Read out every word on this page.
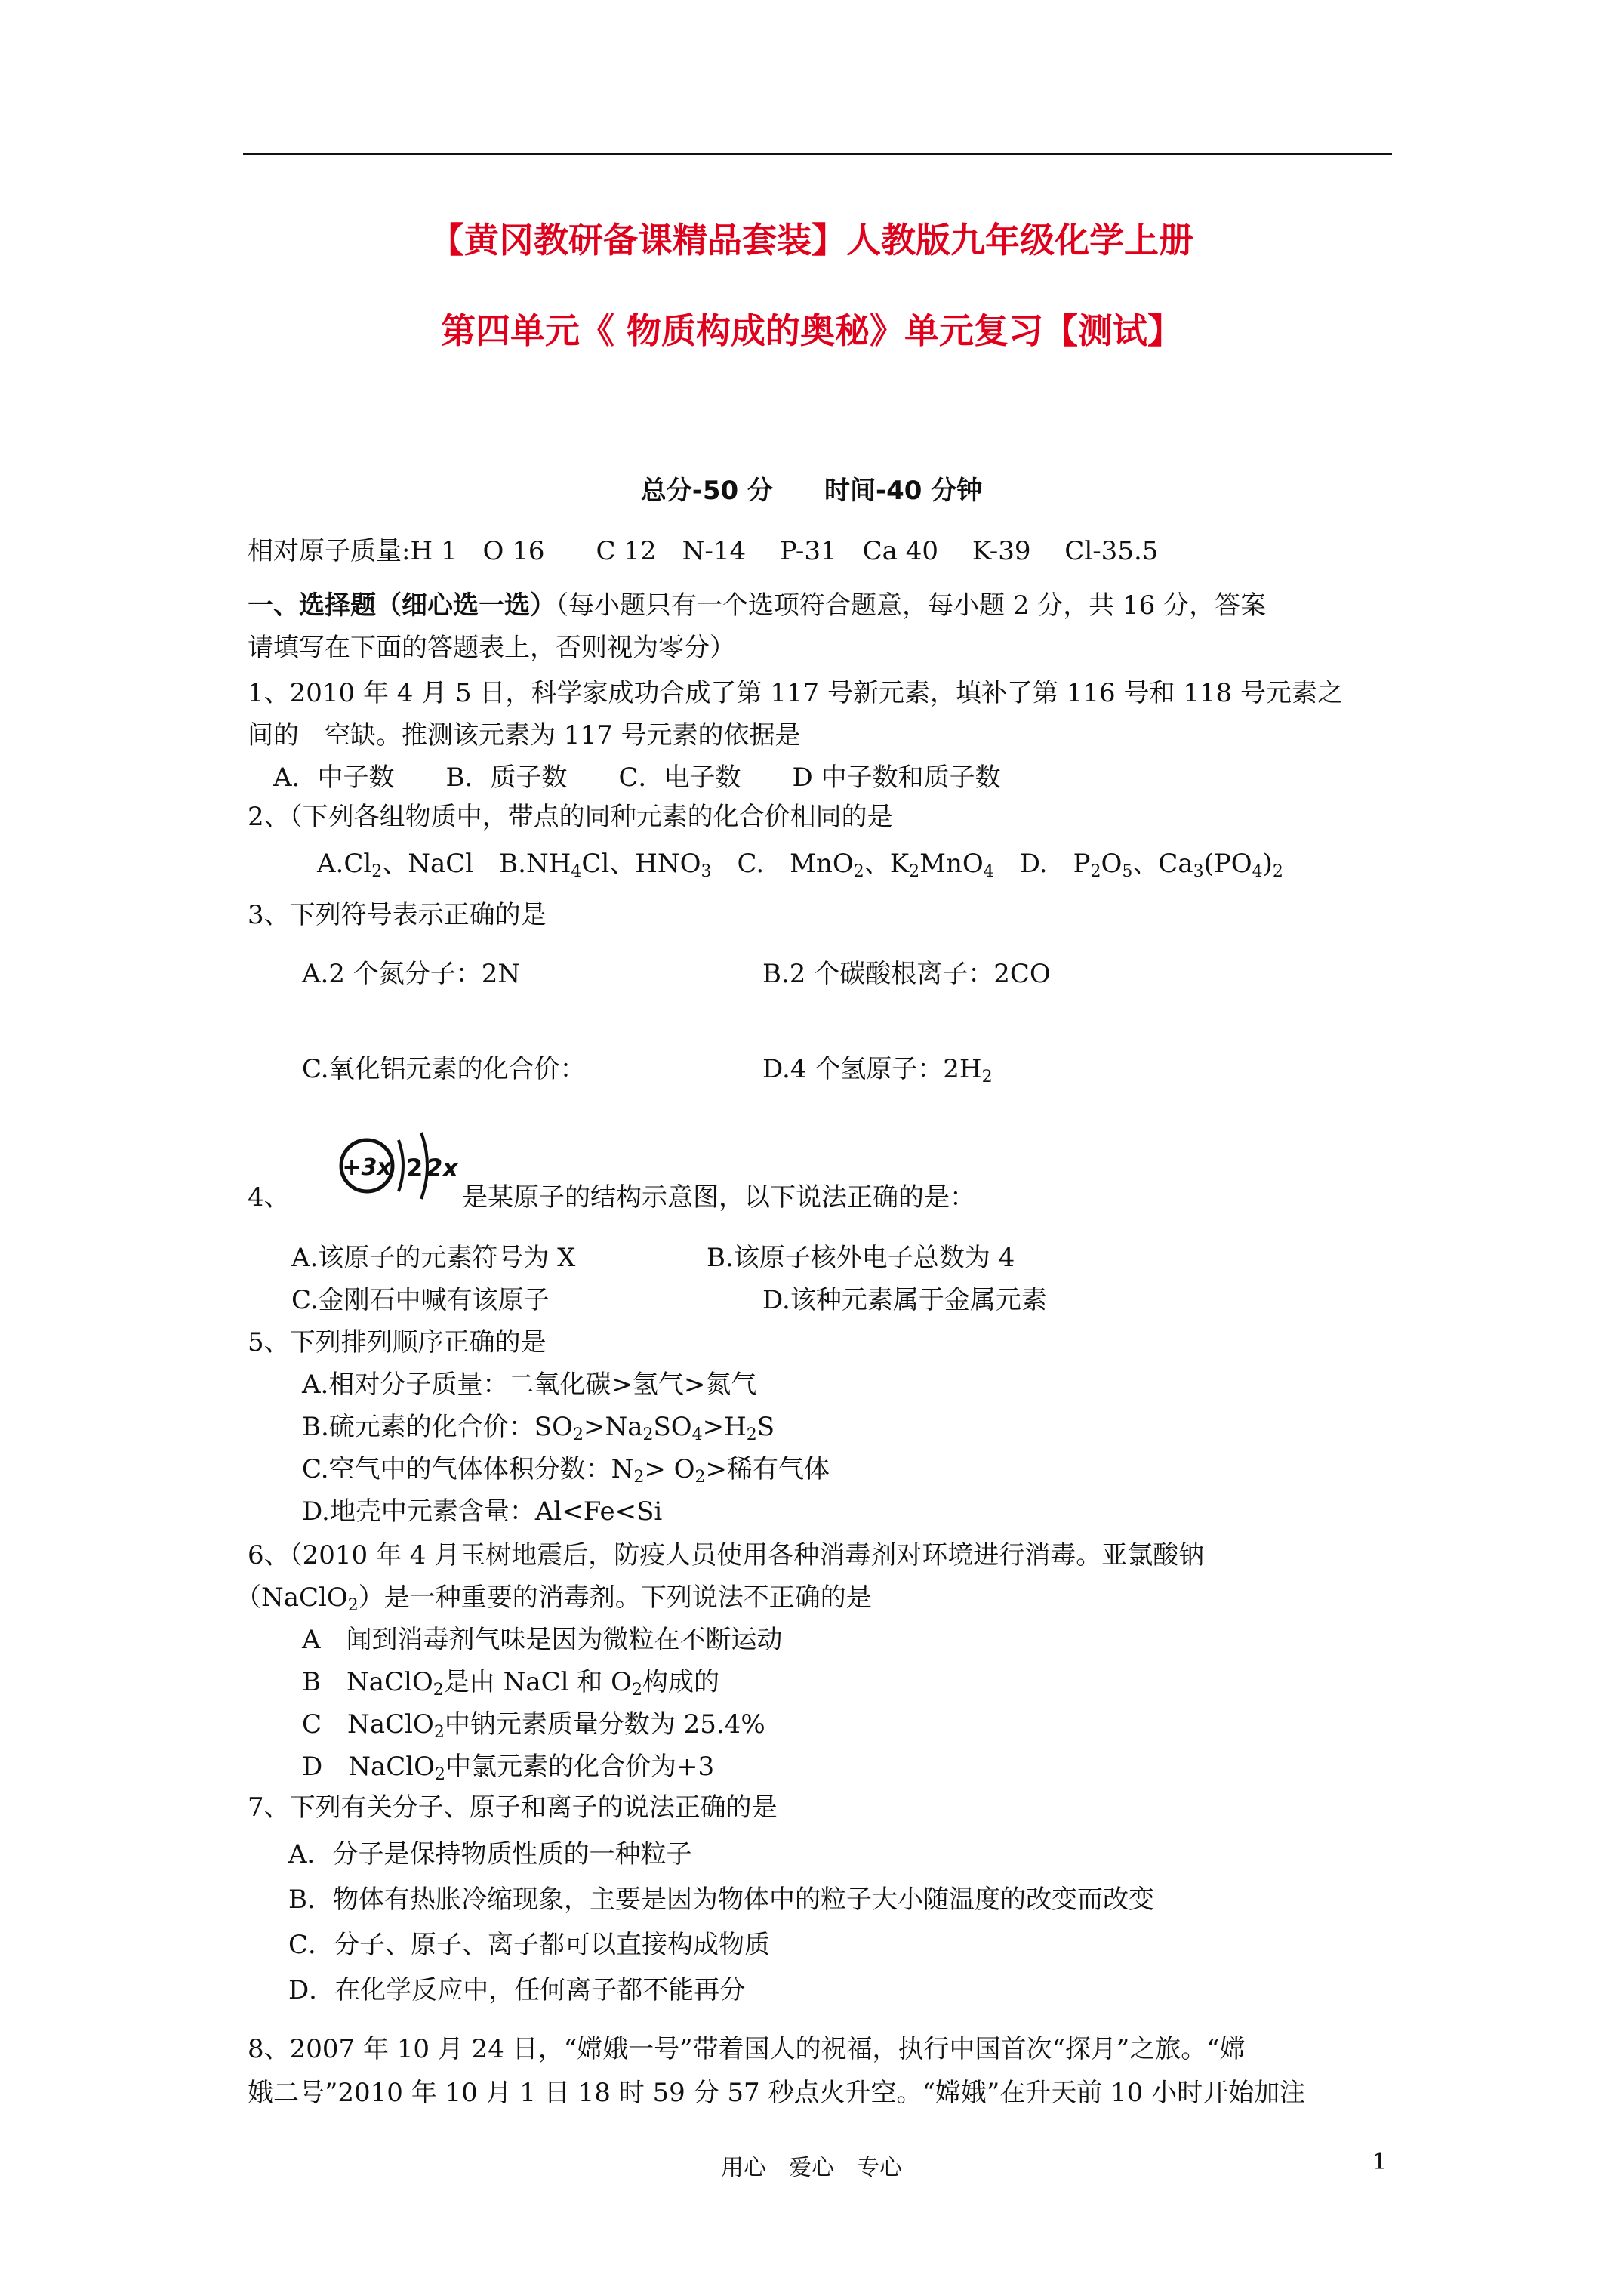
【黄冈教研备课精品套装】人教版九年级化学上册
第四单元《 物质构成的奥秘》单元复习【测试】
总分-50 分　　时间-40 分钟
相对原子质量:H 1　O 16　　C 12　N-14　 P-31　Ca 40　 K-39　 Cl-35.5
一、选择题（细心选一选）（每小题只有一个选项符合题意，每小题 2 分，共 16 分，答案
请填写在下面的答题表上，否则视为零分）
1、2010 年 4 月 5 日，科学家成功合成了第 117 号新元素，填补了第 116 号和 118 号元素之
间的　空缺。推测该元素为 117 号元素的依据是
A．中子数　　B．质子数　　C．电子数　　D 中子数和质子数
2、（下列各组物质中，带点的同种元素的化合价相同的是
$A.Cl_2$、NaCl　$B.NH_4Cl$、$HNO_3$　C.　MnO$_2$、$K_2MnO_4$　D.　$P_2O_5$、$Ca_3(PO_4)_2$
3、下列符号表示正确的是
A.2 个氮分子：2N	B.2 个碳酸根离子：2CO
C.氧化铝元素的化合价：	D.4 个氢原子：$2H_2$
+3x 2 2x
4、	是某原子的结构示意图，以下说法正确的是：
A.该原子的元素符号为 X	B.该原子核外电子总数为 4
C.金刚石中喊有该原子	D.该种元素属于金属元素
5、下列排列顺序正确的是
A.相对分子质量：二氧化碳>氢气>氮气
B.硫元素的化合价：$SO_2>Na_2SO_4>H_2S$
C.空气中的气体体积分数：$N_2> O_2>$稀有气体
D.地壳中元素含量：Al<Fe<Si
6、（2010 年 4 月玉树地震后，防疫人员使用各种消毒剂对环境进行消毒。亚氯酸钠
（NaClO$_2$）是一种重要的消毒剂。下列说法不正确的是
A　闻到消毒剂气味是因为微粒在不断运动
B　NaClO$_2$是由 NaCl 和 $O_2$构成的
C　NaClO$_2$中钠元素质量分数为 25.4%
D　NaClO$_2$中氯元素的化合价为+3
7、下列有关分子、原子和离子的说法正确的是
A．分子是保持物质性质的一种粒子
B．物体有热胀冷缩现象，主要是因为物体中的粒子大小随温度的改变而改变
C．分子、原子、离子都可以直接构成物质
D．在化学反应中，任何离子都不能再分
8、2007 年 10 月 24 日，“嫦娥一号”带着国人的祝福，执行中国首次“探月”之旅。“嫦
娥二号”2010 年 10 月 1 日 18 时 59 分 57 秒点火升空。“嫦娥”在升天前 10 小时开始加注
用心　爱心　专心	1
